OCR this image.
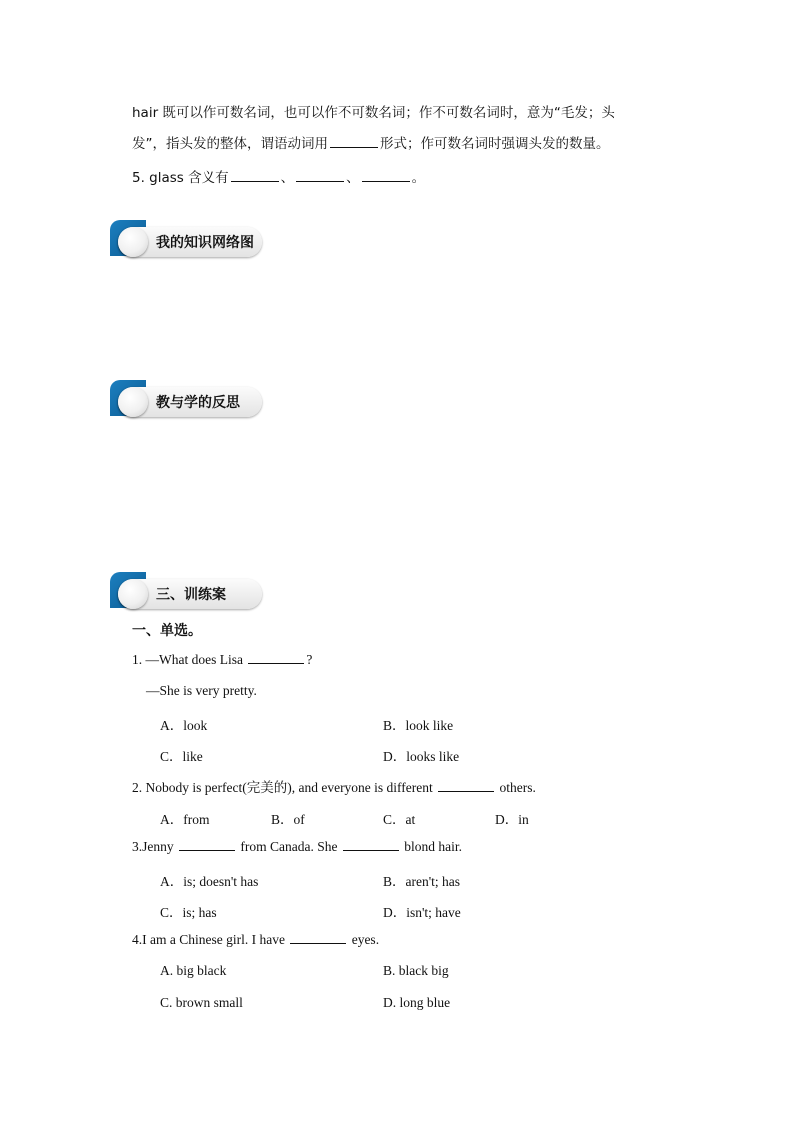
hair 既可以作可数名词，也可以作不可数名词；作不可数名词时，意为“毛发；头
发”，指头发的整体，谓语动词用	形式；作可数名词时强调头发的数量。
5. glass 含义有	、	、	。
我的知识网络图
教与学的反思
三、训练案
一、单选。
1. —What does Lisa	?
—She is very pretty.
A．look	B．look like
C．like	D．looks like
2. Nobody is perfect(完美的), and everyone is different	others.
A．from	B．of	C．at	D．in
3.Jenny	from Canada. She	blond hair.
A．is; doesn't has	B．aren't; has
C．is; has	D．isn't; have
4.I am a Chinese girl. I have	eyes.
A. big black	B. black big
C. brown small	D. long blue
